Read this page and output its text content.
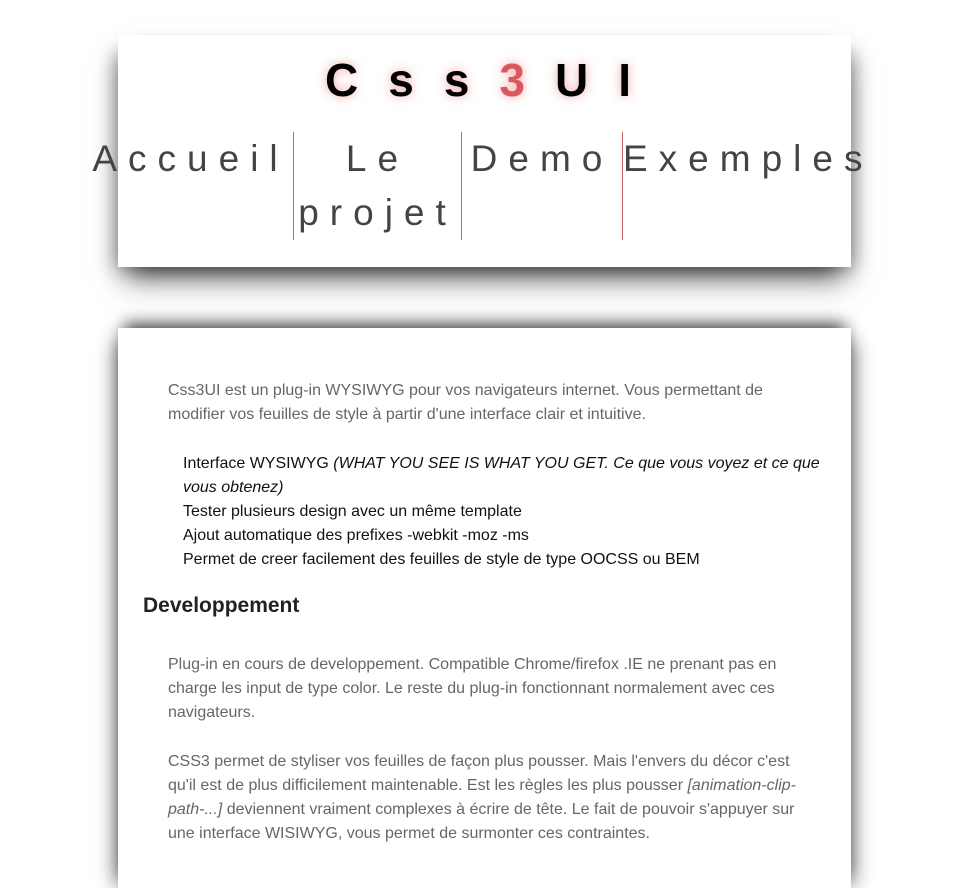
C s s 3 U I
Accueil	Le projet
Demo Exemples

Css3UI est un plug-in WYSIWYG pour vos navigateurs internet. Vous permettant de modifier vos feuilles de style à partir d'une interface clair et intuitive.

Interface WYSIWYG (WHAT YOU SEE IS WHAT YOU GET. Ce que vous voyez et ce que vous obtenez)
Tester plusieurs design avec un même template
Ajout automatique des prefixes -webkit -moz -ms
Permet de creer facilement des feuilles de style de type OOCSS ou BEM
Developpement

Plug-in en cours de developpement. Compatible Chrome/firefox .IE ne prenant pas en charge les input de type color. Le reste du plug-in fonctionnant normalement avec ces navigateurs.

CSS3 permet de styliser vos feuilles de façon plus pousser. Mais l'envers du décor c'est qu'il est de plus difficilement maintenable. Est les règles les plus pousser [animation-clip-path-...] deviennent vraiment complexes à écrire de tête. Le fait de pouvoir s'appuyer sur une interface WISIWYG, vous permet de surmonter ces contraintes.
